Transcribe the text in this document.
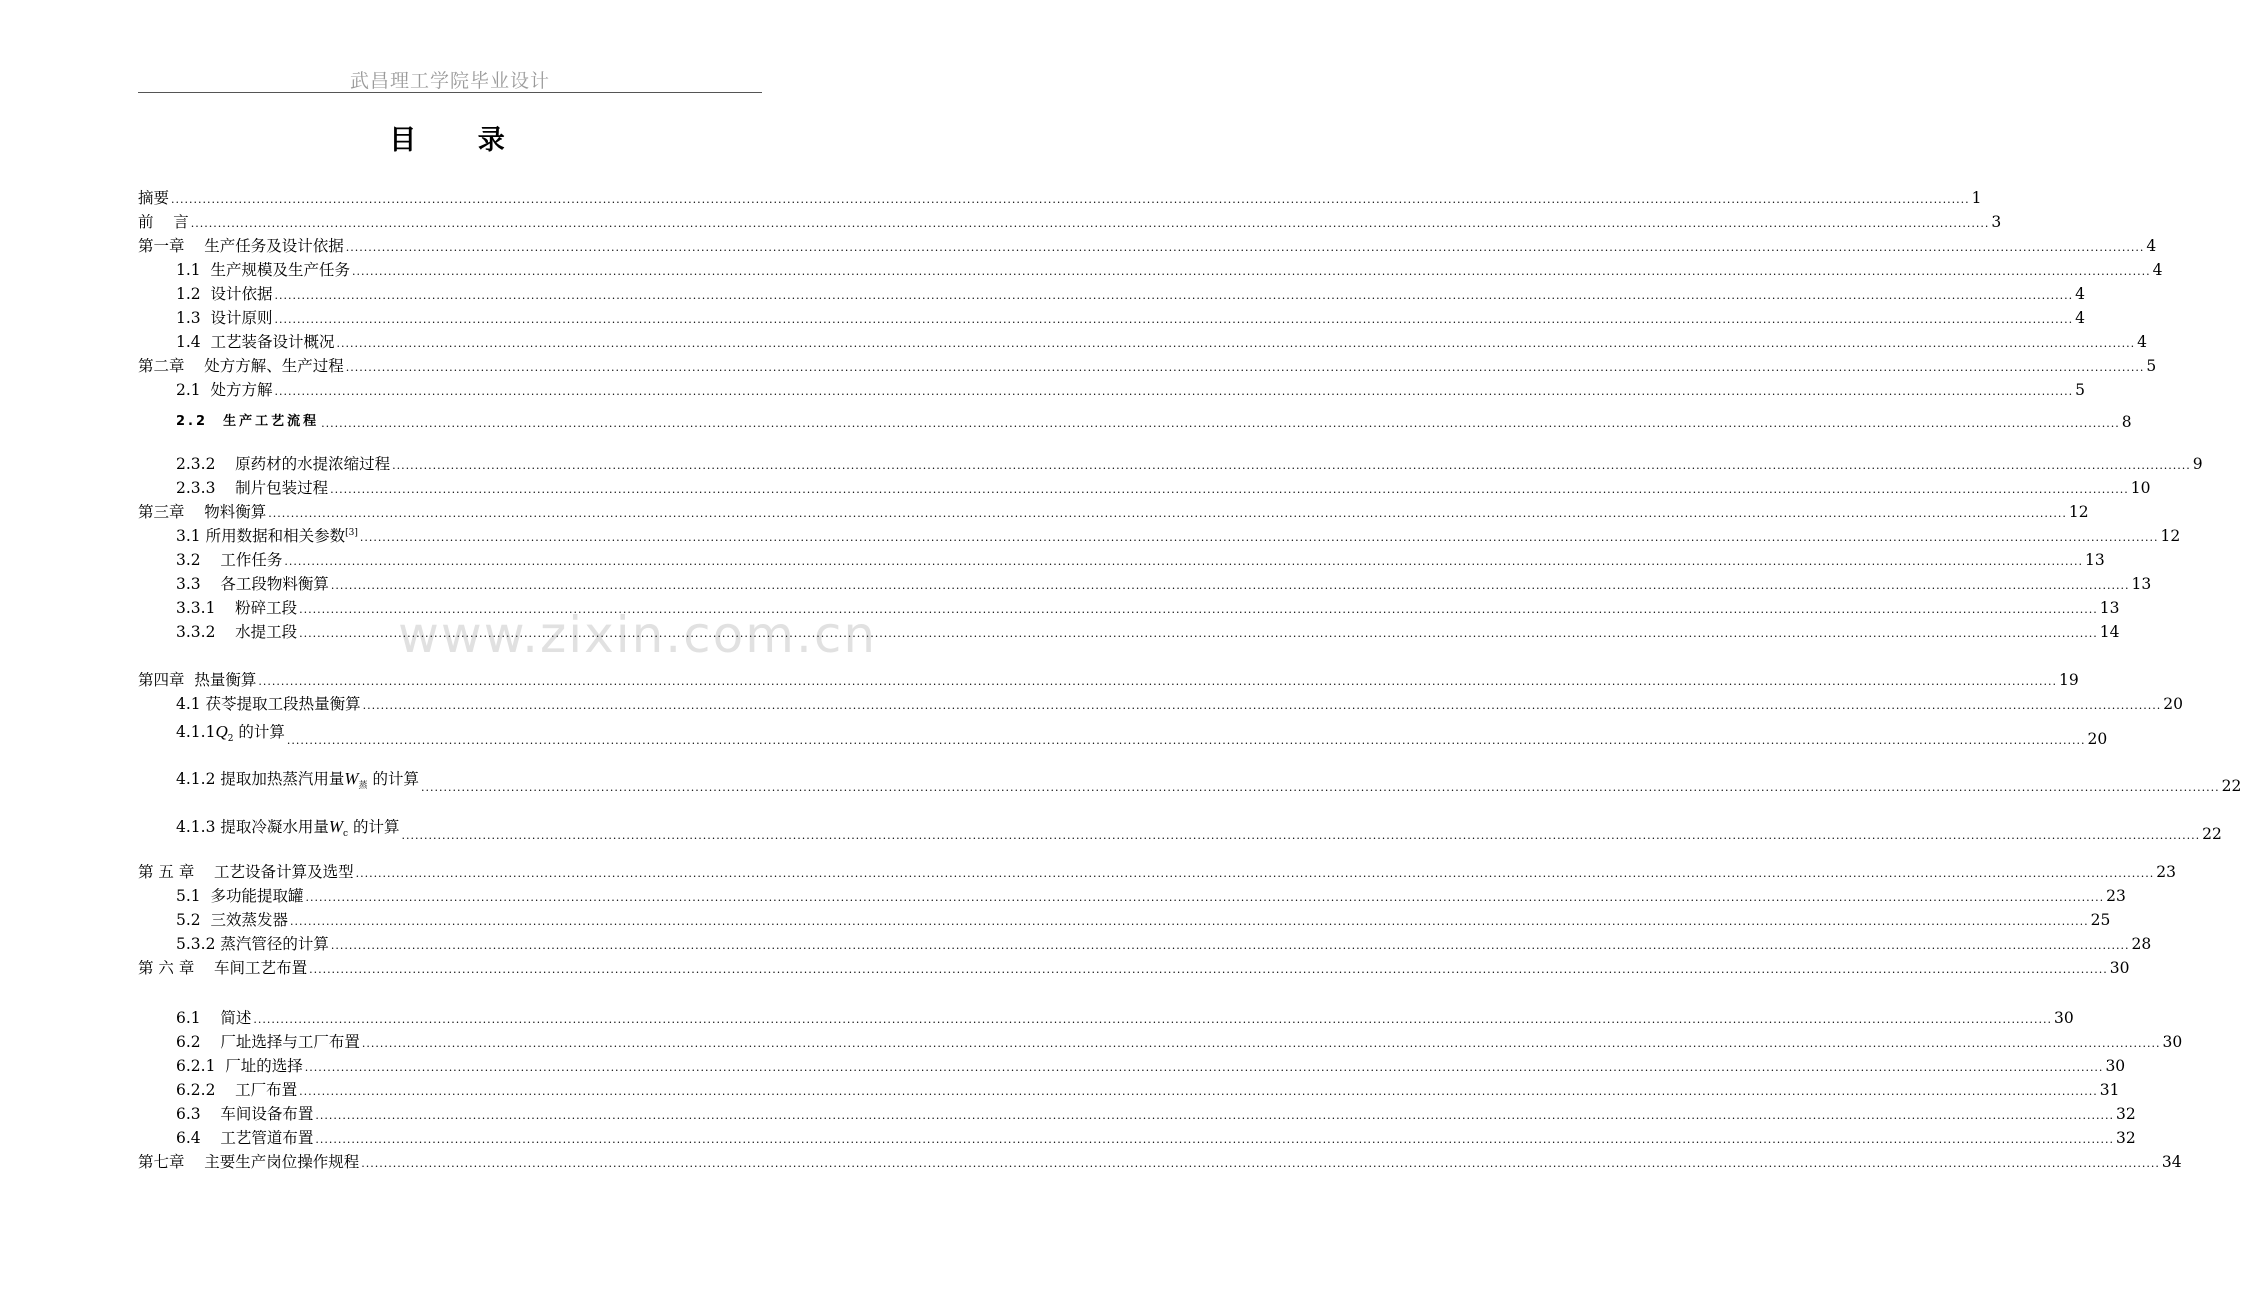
武昌理工学院毕业设计
目 录
www.zixin.com.cn
摘要 ................................................................................................................................................................................................................................................................................................................................................................................................................ 1
前    言 ................................................................................................................................................................................................................................................................................................................................................................................................................ 3
第一章    生产任务及设计依据 ................................................................................................................................................................................................................................................................................................................................................................................................................ 4
1.1  生产规模及生产任务 ................................................................................................................................................................................................................................................................................................................................................................................................................ 4
1.2  设计依据 ................................................................................................................................................................................................................................................................................................................................................................................................................ 4
1.3  设计原则 ................................................................................................................................................................................................................................................................................................................................................................................................................ 4
1.4  工艺装备设计概况 ................................................................................................................................................................................................................................................................................................................................................................................................................ 4
第二章    处方方解、生产过程 ................................................................................................................................................................................................................................................................................................................................................................................................................ 5
2.1  处方方解 ................................................................................................................................................................................................................................................................................................................................................................................................................ 5
2.2  生产工艺流程 ................................................................................................................................................................................................................................................................................................................................................................................................................ 8
2.3.2    原药材的水提浓缩过程 ................................................................................................................................................................................................................................................................................................................................................................................................................ 9
2.3.3    制片包装过程 ................................................................................................................................................................................................................................................................................................................................................................................................................ 10
第三章    物料衡算 ................................................................................................................................................................................................................................................................................................................................................................................................................ 12
3.1 所用数据和相关参数[3] ................................................................................................................................................................................................................................................................................................................................................................................................................ 12
3.2    工作任务 ................................................................................................................................................................................................................................................................................................................................................................................................................ 13
3.3    各工段物料衡算 ................................................................................................................................................................................................................................................................................................................................................................................................................ 13
3.3.1    粉碎工段 ................................................................................................................................................................................................................................................................................................................................................................................................................ 13
3.3.2    水提工段 ................................................................................................................................................................................................................................................................................................................................................................................................................ 14
第四章  热量衡算 ................................................................................................................................................................................................................................................................................................................................................................................................................ 19
4.1 茯苓提取工段热量衡算 ................................................................................................................................................................................................................................................................................................................................................................................................................ 20
$4.1.1Q_2$ 的计算 ................................................................................................................................................................................................................................................................................................................................................................................................................ 20
4.1.2 提取加热蒸汽用量$W_蒸$ 的计算 ................................................................................................................................................................................................................................................................................................................................................................................................................ 22
4.1.3 提取冷凝水用量$W_c$ 的计算 ................................................................................................................................................................................................................................................................................................................................................................................................................ 22
第 五 章    工艺设备计算及选型 ................................................................................................................................................................................................................................................................................................................................................................................................................ 23
5.1  多功能提取罐 ................................................................................................................................................................................................................................................................................................................................................................................................................ 23
5.2  三效蒸发器 ................................................................................................................................................................................................................................................................................................................................................................................................................ 25
5.3.2 蒸汽管径的计算 ................................................................................................................................................................................................................................................................................................................................................................................................................ 28
第 六 章    车间工艺布置 ................................................................................................................................................................................................................................................................................................................................................................................................................ 30
6.1    简述 ................................................................................................................................................................................................................................................................................................................................................................................................................ 30
6.2    厂址选择与工厂布置 ................................................................................................................................................................................................................................................................................................................................................................................................................ 30
6.2.1  厂址的选择 ................................................................................................................................................................................................................................................................................................................................................................................................................ 30
6.2.2    工厂布置 ................................................................................................................................................................................................................................................................................................................................................................................................................ 31
6.3    车间设备布置 ................................................................................................................................................................................................................................................................................................................................................................................................................ 32
6.4    工艺管道布置 ................................................................................................................................................................................................................................................................................................................................................................................................................ 32
第七章    主要生产岗位操作规程 ................................................................................................................................................................................................................................................................................................................................................................................................................ 34
